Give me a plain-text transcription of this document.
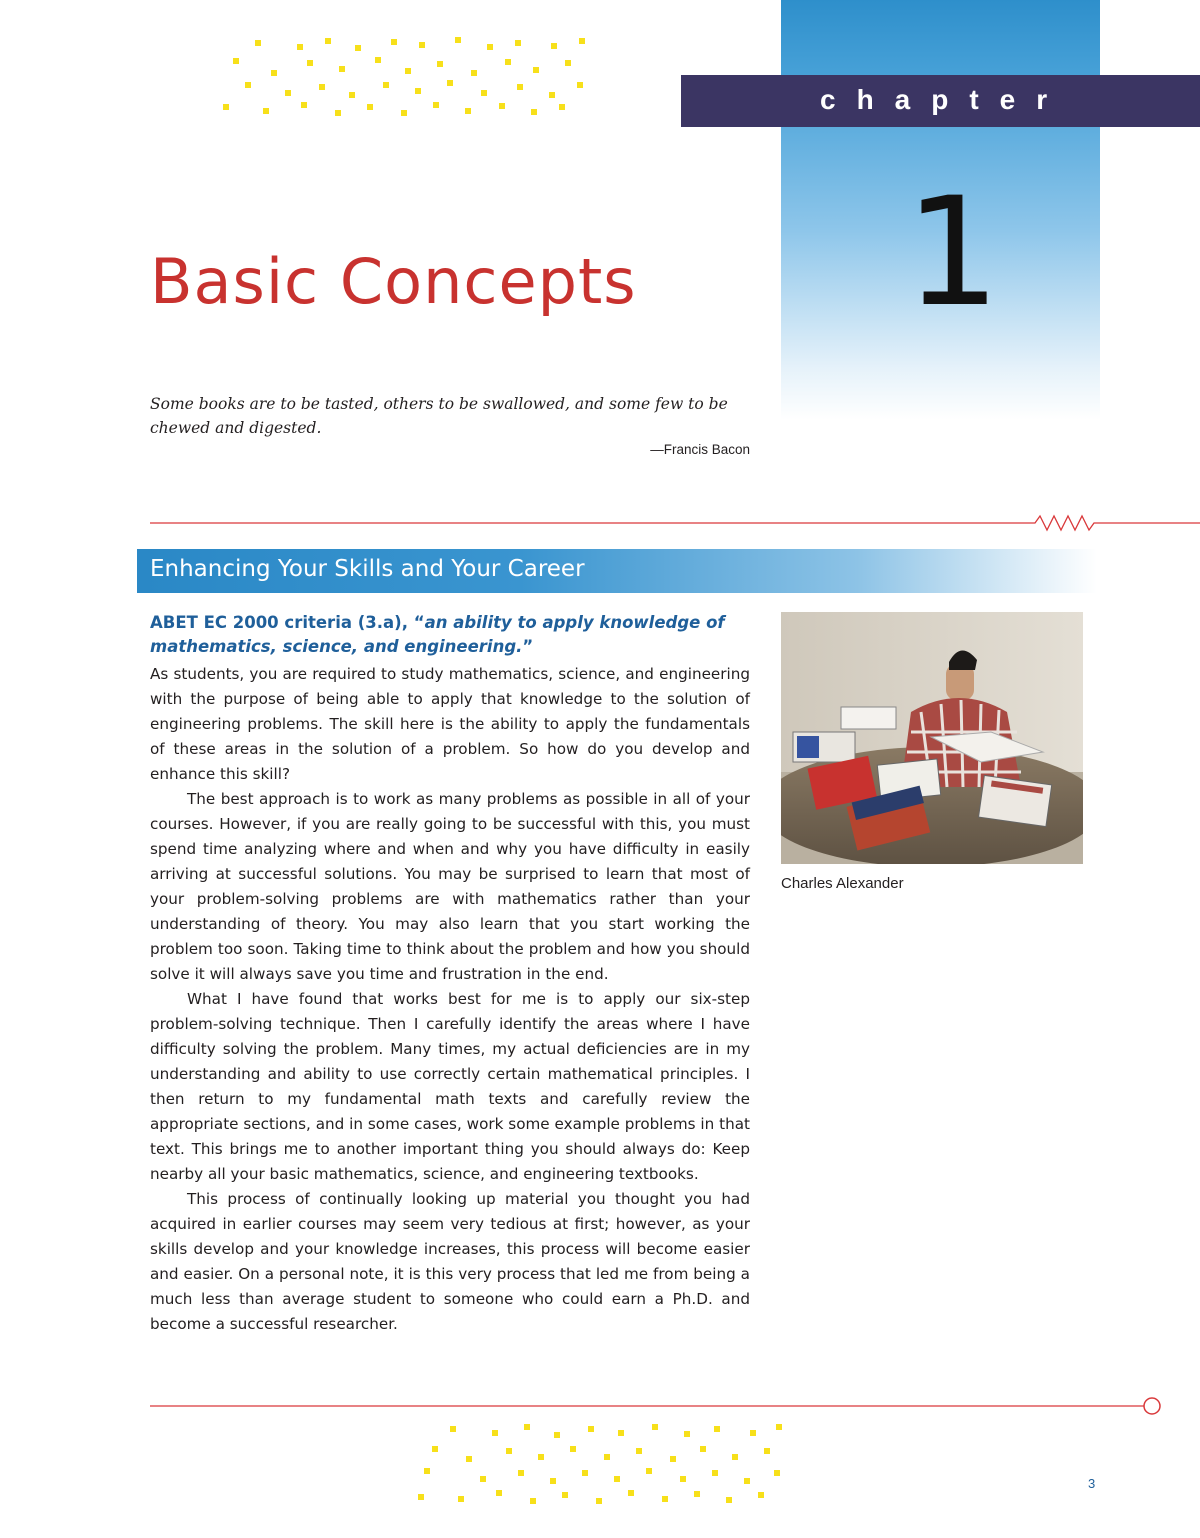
chapter
1
Basic Concepts
Some books are to be tasted, others to be swallowed, and some few to be chewed and digested.
—Francis Bacon
Enhancing Your Skills and Your Career
ABET EC 2000 criteria (3.a), “an ability to apply knowledge of mathematics, science, and engineering.”

As students, you are required to study mathematics, science, and engineering with the purpose of being able to apply that knowledge to the solution of engineering problems. The skill here is the ability to apply the fundamentals of these areas in the solution of a problem. So how do you develop and enhance this skill?

The best approach is to work as many problems as possible in all of your courses. However, if you are really going to be successful with this, you must spend time analyzing where and when and why you have difficulty in easily arriving at successful solutions. You may be surprised to learn that most of your problem-solving problems are with mathematics rather than your understanding of theory. You may also learn that you start working the problem too soon. Taking time to think about the problem and how you should solve it will always save you time and frustration in the end.

What I have found that works best for me is to apply our six-step problem-solving technique. Then I carefully identify the areas where I have difficulty solving the problem. Many times, my actual deficiencies are in my understanding and ability to use correctly certain mathematical principles. I then return to my fundamental math texts and carefully review the appropriate sections, and in some cases, work some example problems in that text. This brings me to another important thing you should always do: Keep nearby all your basic mathematics, science, and engineering textbooks.

This process of continually looking up material you thought you had acquired in earlier courses may seem very tedious at first; however, as your skills develop and your knowledge increases, this process will become easier and easier. On a personal note, it is this very process that led me from being a much less than average student to someone who could earn a Ph.D. and become a successful researcher.

Charles Alexander
3
